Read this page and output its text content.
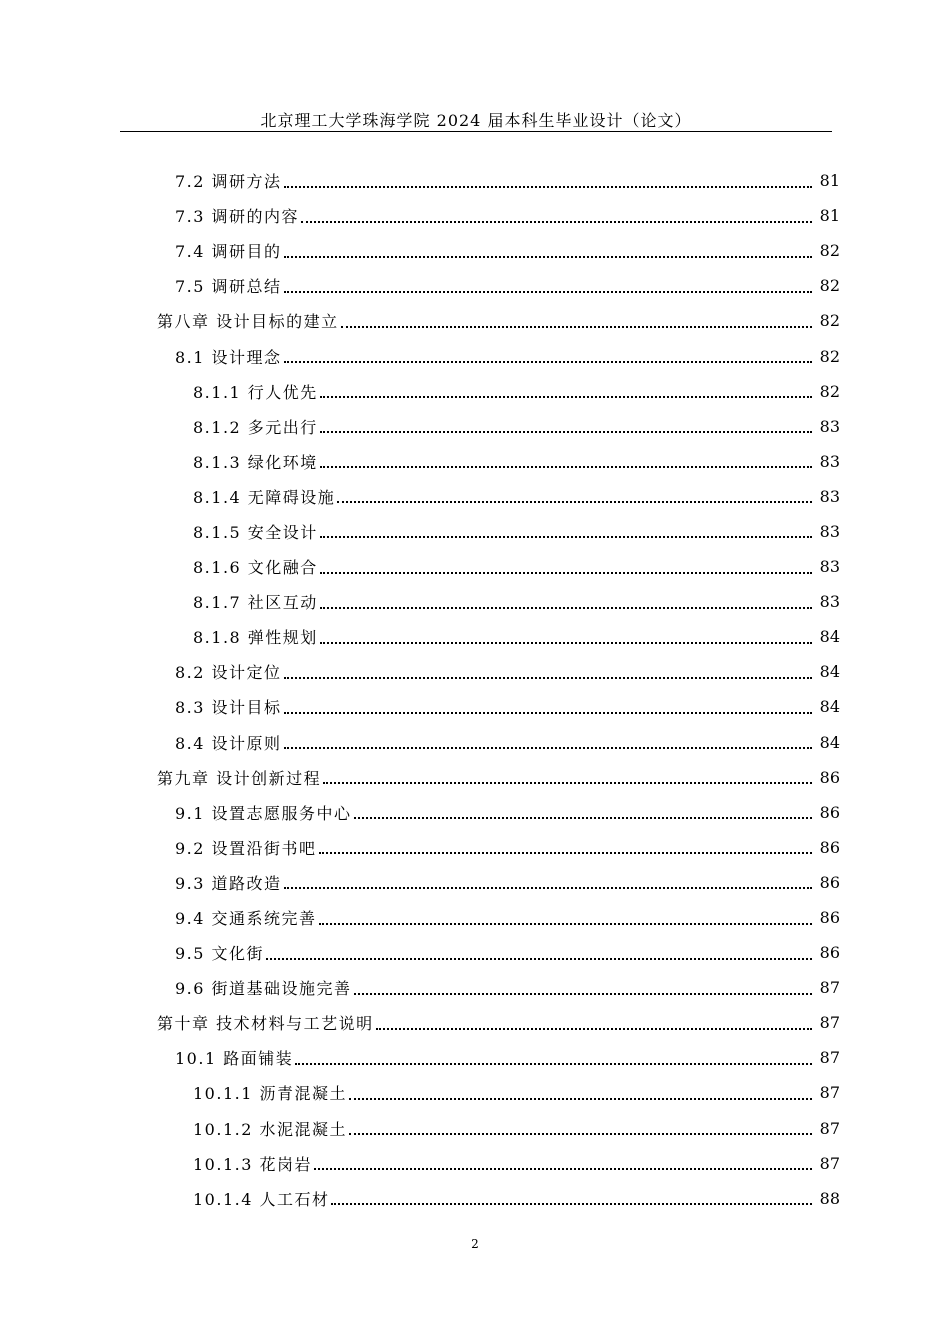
北京理工大学珠海学院 2024 届本科生毕业设计（论文）
7.2 调研方法	81
7.3 调研的内容	81
7.4 调研目的	82
7.5 调研总结	82
第八章 设计目标的建立	82
8.1 设计理念	82
8.1.1 行人优先	82
8.1.2 多元出行	83
8.1.3 绿化环境	83
8.1.4 无障碍设施	83
8.1.5 安全设计	83
8.1.6 文化融合	83
8.1.7 社区互动	83
8.1.8 弹性规划	84
8.2 设计定位	84
8.3 设计目标	84
8.4 设计原则	84
第九章 设计创新过程	86
9.1 设置志愿服务中心	86
9.2 设置沿街书吧	86
9.3 道路改造	86
9.4 交通系统完善	86
9.5 文化街	86
9.6 街道基础设施完善	87
第十章 技术材料与工艺说明	87
10.1 路面铺装	87
10.1.1 沥青混凝土	87
10.1.2 水泥混凝土	87
10.1.3 花岗岩	87
10.1.4 人工石材	88
2
